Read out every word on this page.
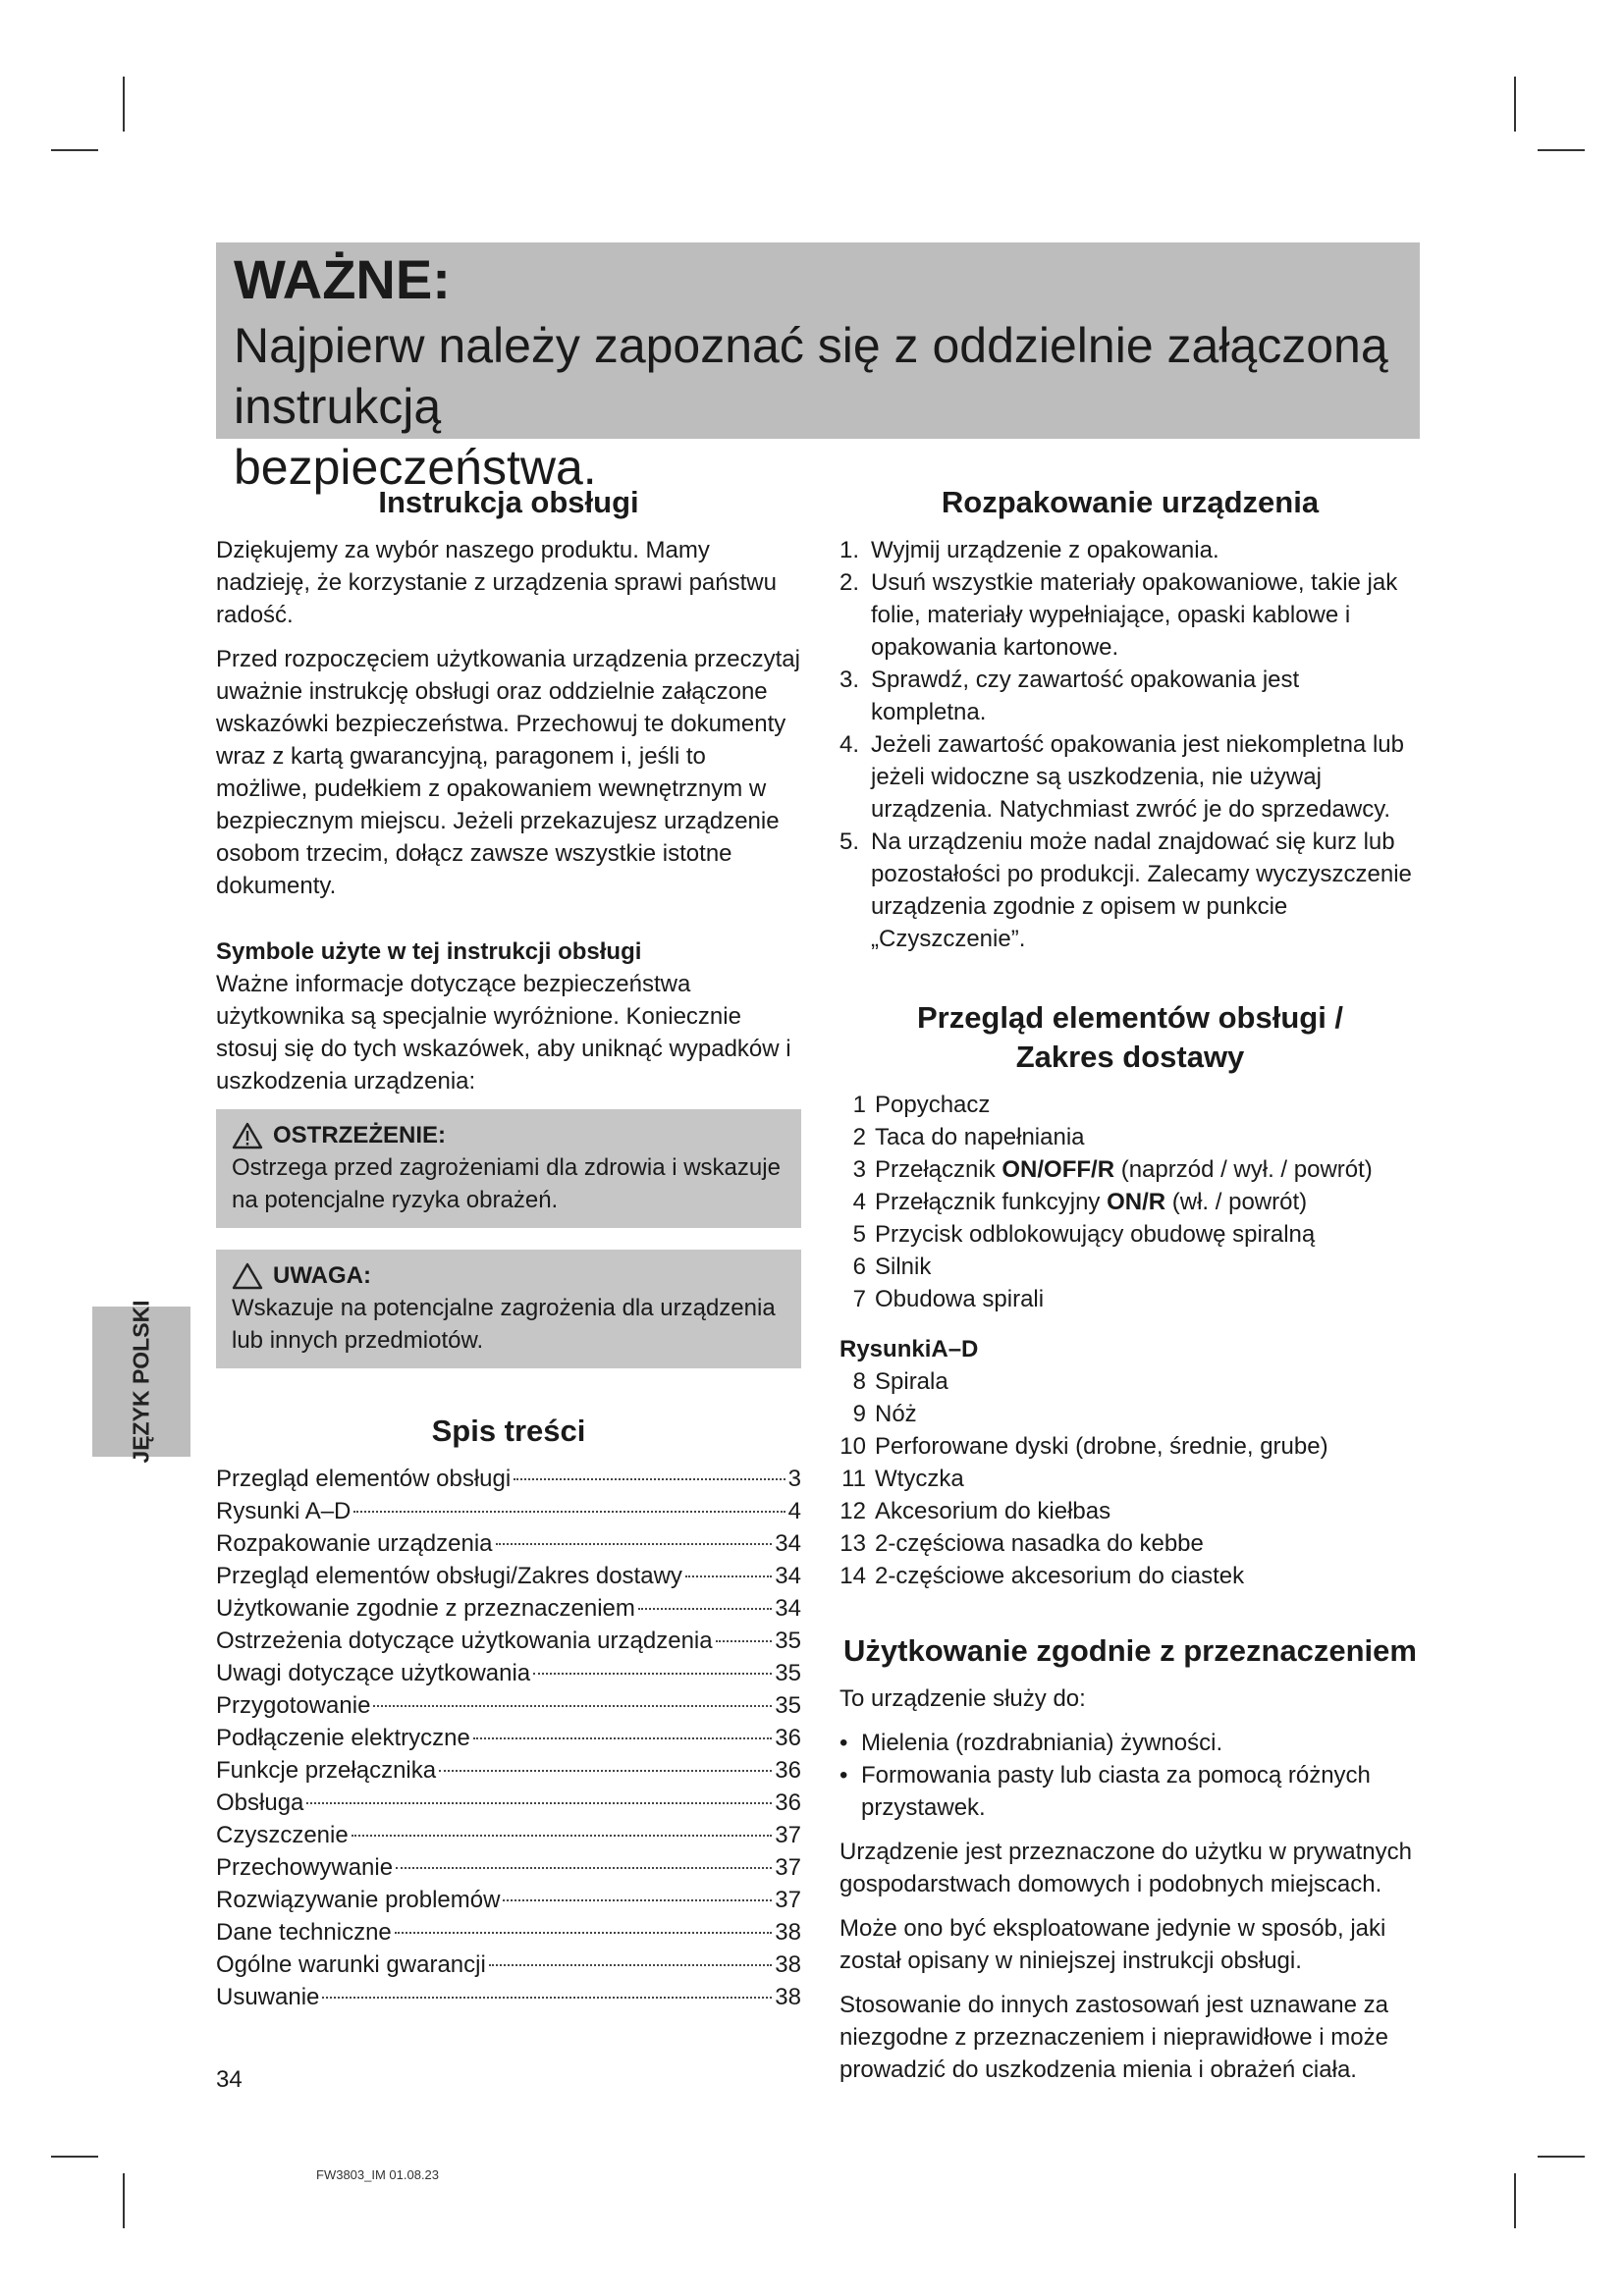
WAŻNE:
Najpierw należy zapoznać się z oddzielnie załączoną instrukcją
bezpieczeństwa.
Instrukcja obsługi

Dziękujemy za wybór naszego produktu. Mamy nadzieję, że korzystanie z urządzenia sprawi państwu radość.

Przed rozpoczęciem użytkowania urządzenia przeczytaj uważnie instrukcję obsługi oraz oddzielnie załączone wskazówki bezpieczeństwa. Przechowuj te dokumenty wraz z kartą gwarancyjną, paragonem i, jeśli to możliwe, pudełkiem z opakowaniem wewnętrznym w bezpiecznym miejscu. Jeżeli przekazujesz urządzenie osobom trzecim, dołącz zawsze wszystkie istotne dokumenty.

Symbole użyte w tej instrukcji obsługi

Ważne informacje dotyczące bezpieczeństwa użytkownika są specjalnie wyróżnione. Koniecznie stosuj się do tych wskazówek, aby uniknąć wypadków i uszkodzenia urządzenia:

OSTRZEŻENIE:

Ostrzega przed zagrożeniami dla zdrowia i wskazuje na potencjalne ryzyka obrażeń.

UWAGA:

Wskazuje na potencjalne zagrożenia dla urządzenia lub innych przedmiotów.

Spis treści
Przegląd elementów obsługi	3
Rysunki A–D	4
Rozpakowanie urządzenia	34
Przegląd elementów obsługi/Zakres dostawy	34
Użytkowanie zgodnie z przeznaczeniem	34
Ostrzeżenia dotyczące użytkowania urządzenia	35
Uwagi dotyczące użytkowania	35
Przygotowanie	35
Podłączenie elektryczne	36
Funkcje przełącznika	36
Obsługa	36
Czyszczenie	37
Przechowywanie	37
Rozwiązywanie problemów	37
Dane techniczne	38
Ogólne warunki gwarancji	38
Usuwanie	38
Rozpakowanie urządzenia
1. Wyjmij urządzenie z opakowania.
2. Usuń wszystkie materiały opakowaniowe, takie jak folie, materiały wypełniające, opaski kablowe i opakowania kartonowe.
3. Sprawdź, czy zawartość opakowania jest kompletna.
4. Jeżeli zawartość opakowania jest niekompletna lub jeżeli widoczne są uszkodzenia, nie używaj urządzenia. Natychmiast zwróć je do sprzedawcy.
5. Na urządzeniu może nadal znajdować się kurz lub pozostałości po produkcji. Zalecamy wyczyszczenie urządzenia zgodnie z opisem w punkcie „Czyszczenie”.
Przegląd elementów obsługi /
Zakres dostawy
1 Popychacz
2 Taca do napełniania
3 Przełącznik ON/OFF/R (naprzód / wył. / powrót)
4 Przełącznik funkcyjny ON/R (wł. / powrót)
5 Przycisk odblokowujący obudowę spiralną
6 Silnik
7 Obudowa spirali
RysunkiA–D
8 Spirala
9 Nóż
10 Perforowane dyski (drobne, średnie, grube)
11 Wtyczka
12 Akcesorium do kiełbas
13 2-częściowa nasadka do kebbe
14 2-częściowe akcesorium do ciastek
Użytkowanie zgodnie z przeznaczeniem

To urządzenie służy do:

• Mielenia (rozdrabniania) żywności.
• Formowania pasty lub ciasta za pomocą różnych przystawek.

Urządzenie jest przeznaczone do użytku w prywatnych gospodarstwach domowych i podobnych miejscach.

Może ono być eksploatowane jedynie w sposób, jaki został opisany w niniejszej instrukcji obsługi.

Stosowanie do innych zastosowań jest uznawane za niezgodne z przeznaczeniem i nieprawidłowe i może prowadzić do uszkodzenia mienia i obrażeń ciała.

JĘZYK POLSKI
34
FW3803_IM 01.08.23
